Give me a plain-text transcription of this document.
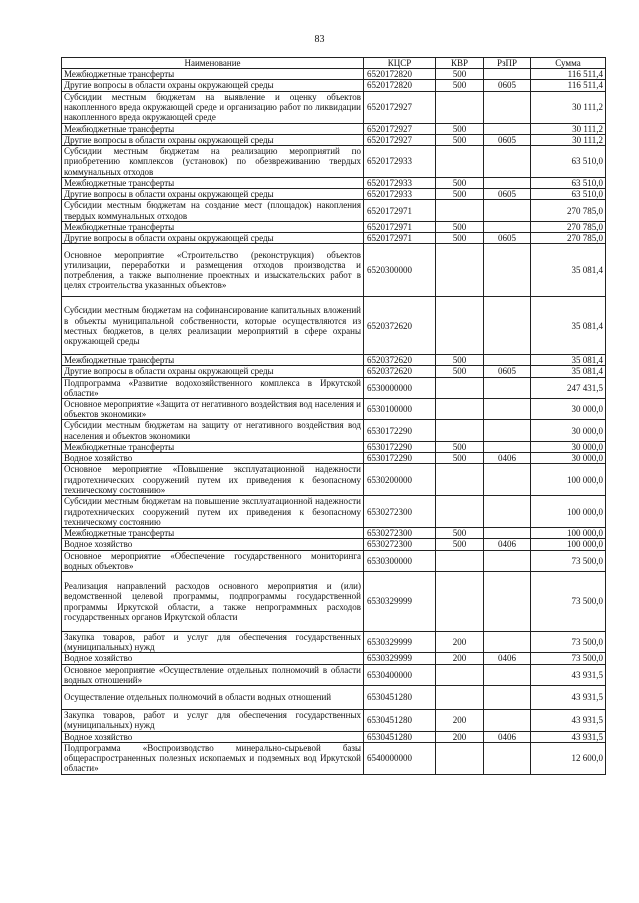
83
Наименование	КЦСР	КВР	РзПР	Сумма
Межбюджетные трансферты	6520172820	500		116 511,4
Другие вопросы в области охраны окружающей среды	6520172820	500	0605	116 511,4
Субсидии местным бюджетам на выявление и оценку объектов накопленного вреда окружающей среде и организацию работ по ликвидации накопленного вреда окружающей среде	6520172927			30 111,2
Межбюджетные трансферты	6520172927	500		30 111,2
Другие вопросы в области охраны окружающей среды	6520172927	500	0605	30 111,2
Субсидии местным бюджетам на реализацию мероприятий по приобретению комплексов (установок) по обезвреживанию твердых коммунальных отходов	6520172933			63 510,0
Межбюджетные трансферты	6520172933	500		63 510,0
Другие вопросы в области охраны окружающей среды	6520172933	500	0605	63 510,0
Субсидии местным бюджетам на создание мест (площадок) накопления твердых коммунальных отходов	6520172971			270 785,0
Межбюджетные трансферты	6520172971	500		270 785,0
Другие вопросы в области охраны окружающей среды	6520172971	500	0605	270 785,0
Основное мероприятие «Строительство (реконструкция) объектов утилизации, переработки и размещения отходов производства и потребления, а также выполнение проектных и изыскательских работ в целях строительства указанных объектов»	6520300000			35 081,4
Субсидии местным бюджетам на софинансирование капитальных вложений в объекты муниципальной собственности, которые осуществляются из местных бюджетов, в целях реализации мероприятий в сфере охраны окружающей среды	6520372620			35 081,4
Межбюджетные трансферты	6520372620	500		35 081,4
Другие вопросы в области охраны окружающей среды	6520372620	500	0605	35 081,4
Подпрограмма «Развитие водохозяйственного комплекса в Иркутской области»	6530000000			247 431,5
Основное мероприятие «Защита от негативного воздействия вод населения и объектов экономики»	6530100000			30 000,0
Субсидии местным бюджетам на защиту от негативного воздействия вод населения и объектов экономики	6530172290			30 000,0
Межбюджетные трансферты	6530172290	500		30 000,0
Водное хозяйство	6530172290	500	0406	30 000,0
Основное мероприятие «Повышение эксплуатационной надежности гидротехнических сооружений путем их приведения к безопасному техническому состоянию»	6530200000			100 000,0
Субсидии местным бюджетам на повышение эксплуатационной надежности гидротехнических сооружений путем их приведения к безопасному техническому состоянию	6530272300			100 000,0
Межбюджетные трансферты	6530272300	500		100 000,0
Водное хозяйство	6530272300	500	0406	100 000,0
Основное мероприятие «Обеспечение государственного мониторинга водных объектов»	6530300000			73 500,0
Реализация направлений расходов основного мероприятия и (или) ведомственной целевой программы, подпрограммы государственной программы Иркутской области, а также непрограммных расходов государственных органов Иркутской области	6530329999			73 500,0
Закупка товаров, работ и услуг для обеспечения государственных (муниципальных) нужд	6530329999	200		73 500,0
Водное хозяйство	6530329999	200	0406	73 500,0
Основное мероприятие «Осуществление отдельных полномочий в области водных отношений»	6530400000			43 931,5
Осуществление отдельных полномочий в области водных отношений	6530451280			43 931,5
Закупка товаров, работ и услуг для обеспечения государственных (муниципальных) нужд	6530451280	200		43 931,5
Водное хозяйство	6530451280	200	0406	43 931,5
Подпрограмма «Воспроизводство минерально-сырьевой базы общераспространенных полезных ископаемых и подземных вод Иркутской области»	6540000000			12 600,0
